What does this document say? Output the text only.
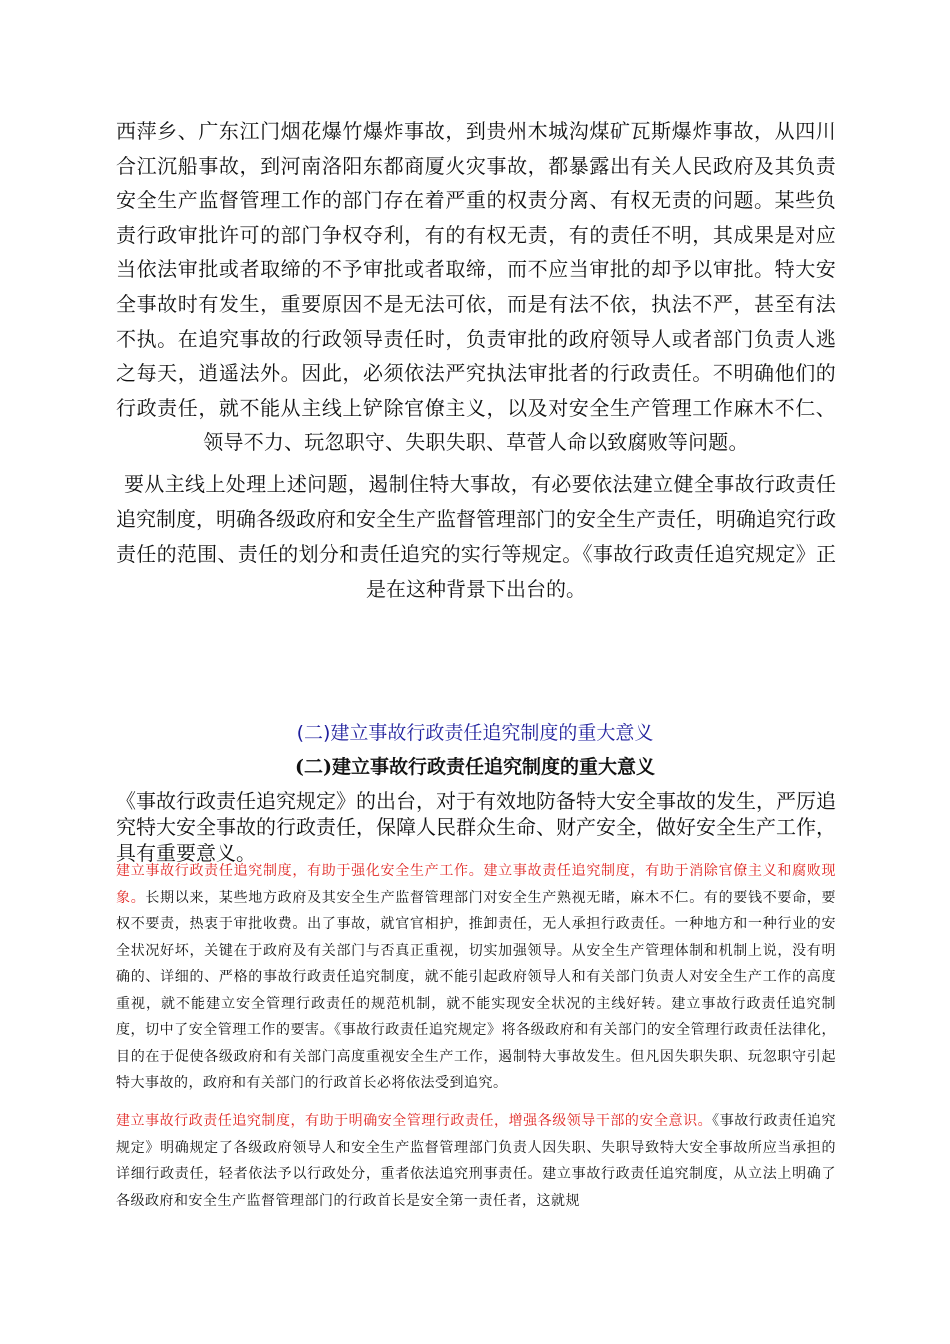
西萍乡、广东江门烟花爆竹爆炸事故，到贵州木城沟煤矿瓦斯爆炸事故，从四川合江沉船事故，到河南洛阳东都商厦火灾事故，都暴露出有关人民政府及其负责安全生产监督管理工作的部门存在着严重的权责分离、有权无责的问题。某些负责行政审批许可的部门争权夺利，有的有权无责，有的责任不明，其成果是对应当依法审批或者取缔的不予审批或者取缔，而不应当审批的却予以审批。特大安全事故时有发生，重要原因不是无法可依，而是有法不依，执法不严，甚至有法不执。在追究事故的行政领导责任时，负责审批的政府领导人或者部门负责人逃之每天，逍遥法外。因此，必须依法严究执法审批者的行政责任。不明确他们的行政责任，就不能从主线上铲除官僚主义，以及对安全生产管理工作麻木不仁、领导不力、玩忽职守、失职失职、草菅人命以致腐败等问题。
要从主线上处理上述问题，遏制住特大事故，有必要依法建立健全事故行政责任追究制度，明确各级政府和安全生产监督管理部门的安全生产责任，明确追究行政责任的范围、责任的划分和责任追究的实行等规定。《事故行政责任追究规定》正是在这种背景下出台的。
(二)建立事故行政责任追究制度的重大意义
(二)建立事故行政责任追究制度的重大意义
《事故行政责任追究规定》的出台，对于有效地防备特大安全事故的发生，严厉追究特大安全事故的行政责任，保障人民群众生命、财产安全，做好安全生产工作，具有重要意义。
建立事故行政责任追究制度，有助于强化安全生产工作。建立事故责任追究制度，有助于消除官僚主义和腐败现象。长期以来，某些地方政府及其安全生产监督管理部门对安全生产熟视无睹，麻木不仁。有的要钱不要命，要权不要责，热衷于审批收费。出了事故，就官官相护，推卸责任，无人承担行政责任。一种地方和一种行业的安全状况好坏，关键在于政府及有关部门与否真正重视，切实加强领导。从安全生产管理体制和机制上说，没有明确的、详细的、严格的事故行政责任追究制度，就不能引起政府领导人和有关部门负责人对安全生产工作的高度重视，就不能建立安全管理行政责任的规范机制，就不能实现安全状况的主线好转。建立事故行政责任追究制度，切中了安全管理工作的要害。《事故行政责任追究规定》将各级政府和有关部门的安全管理行政责任法律化，目的在于促使各级政府和有关部门高度重视安全生产工作，遏制特大事故发生。但凡因失职失职、玩忽职守引起特大事故的，政府和有关部门的行政首长必将依法受到追究。
建立事故行政责任追究制度，有助于明确安全管理行政责任，增强各级领导干部的安全意识。《事故行政责任追究规定》明确规定了各级政府领导人和安全生产监督管理部门负责人因失职、失职导致特大安全事故所应当承担的详细行政责任，轻者依法予以行政处分，重者依法追究刑事责任。建立事故行政责任追究制度，从立法上明确了各级政府和安全生产监督管理部门的行政首长是安全第一责任者，这就规
